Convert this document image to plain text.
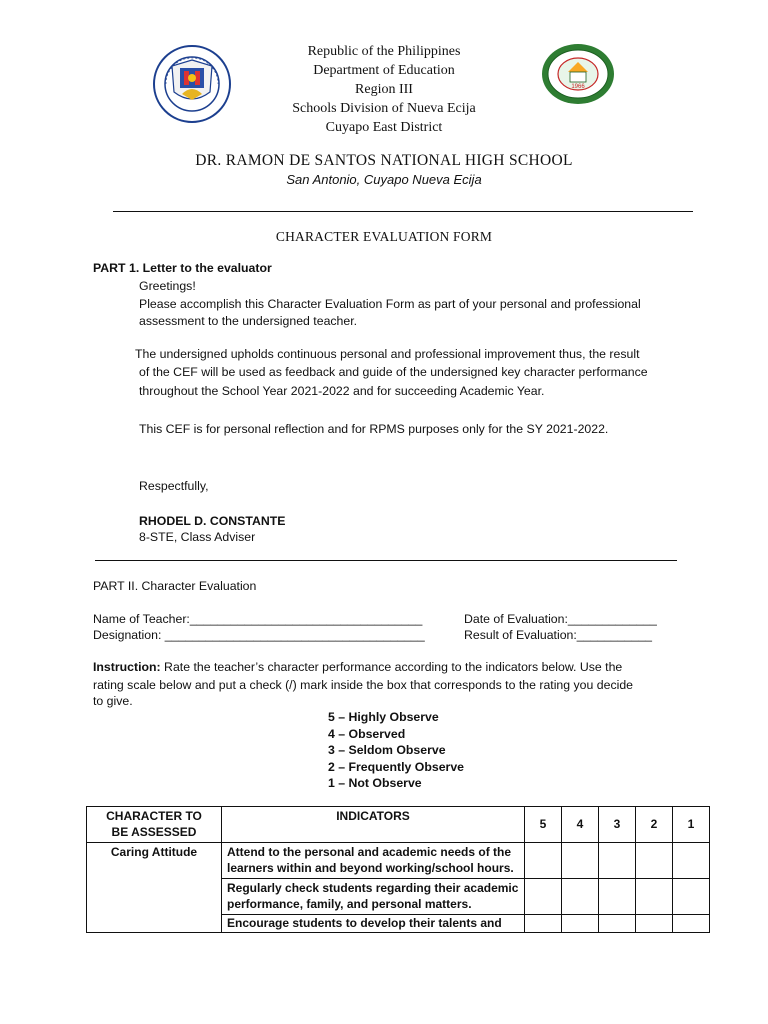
1966
Republic of the Philippines
Department of Education
Region III
Schools Division of Nueva Ecija
Cuyapo East District
DR. RAMON DE SANTOS NATIONAL HIGH SCHOOL
San Antonio, Cuyapo Nueva Ecija
CHARACTER EVALUATION FORM
PART 1. Letter to the evaluator
Greetings!
Please accomplish this Character Evaluation Form as part of your personal and professional
assessment to the undersigned teacher.
The undersigned upholds continuous personal and professional improvement thus, the result
of the CEF will be used as feedback and guide of the undersigned key character performance
throughout the School Year 2021-2022 and for succeeding Academic Year.
This CEF is for personal reflection and for RPMS purposes only for the SY 2021-2022.
Respectfully,
RHODEL D. CONSTANTE
8-STE, Class Adviser
PART II. Character Evaluation
Name of Teacher:__________________________________	Date of Evaluation:_____________
Designation: ______________________________________	Result of Evaluation:___________
Instruction: Rate the teacher’s character performance according to the indicators below. Use the
rating scale below and put a check (/) mark inside the box that corresponds to the rating you decide
to give.
5 – Highly Observe
4 – Observed
3 – Seldom Observe
2 – Frequently Observe
1 – Not Observe
CHARACTER TO BE ASSESSED	INDICATORS	5	4	3	2	1
Caring Attitude	Attend to the personal and academic needs of the learners within and beyond working/school hours.					
	Regularly check students regarding their academic performance, family, and personal matters.					
	Encourage students to develop their talents and					
